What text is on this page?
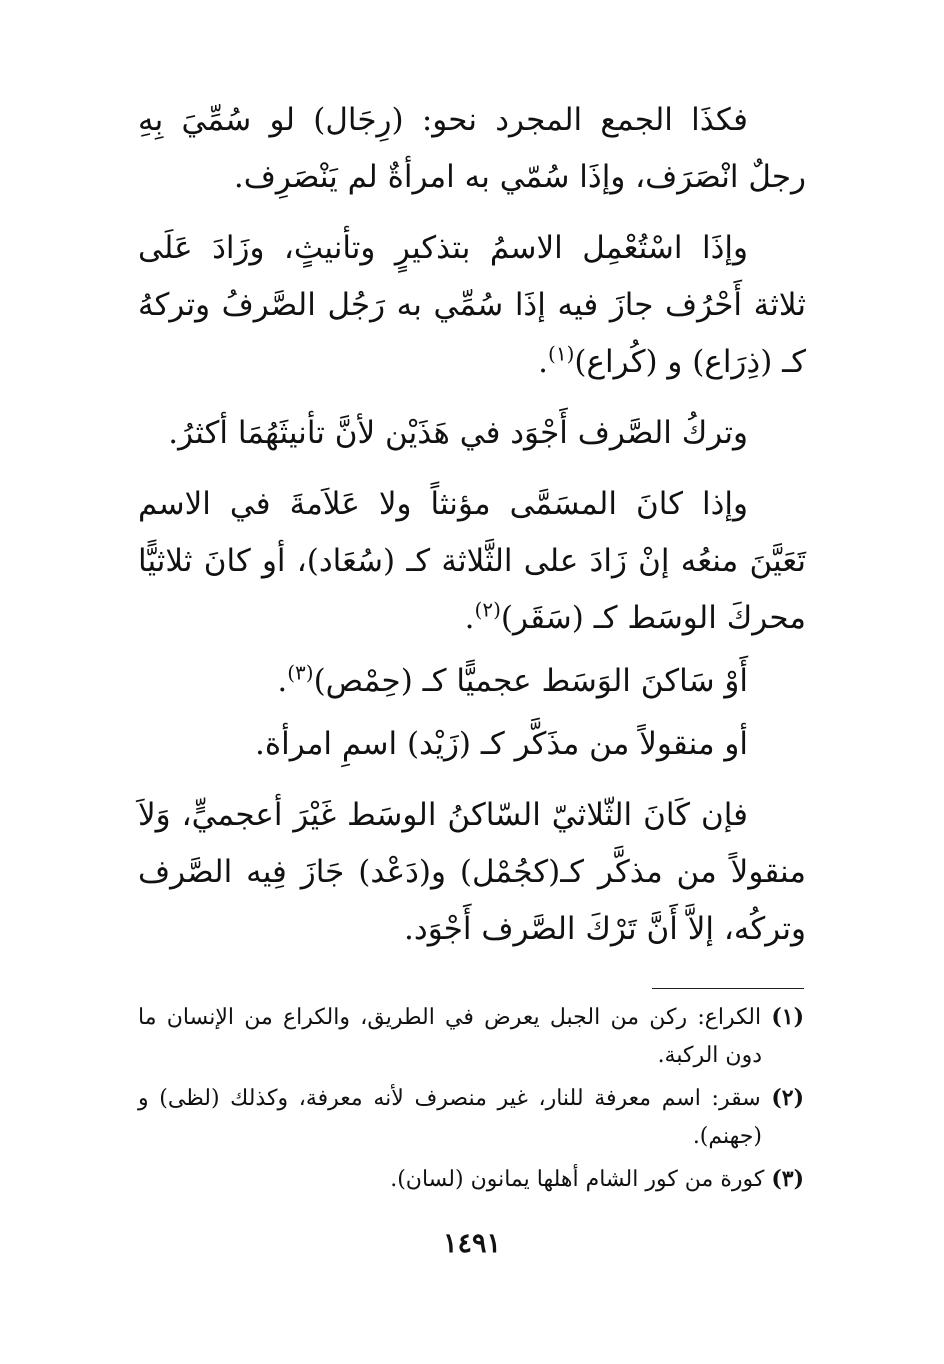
فكذَا الجمع المجرد نحو: (رِجَال) لو سُمِّيَ بِهِ رجلٌ انْصَرَف، وإذَا سُمّي به امرأةٌ لم يَنْصَرِف.

وإذَا اسْتُعْمِل الاسمُ بتذكيرٍ وتأنيثٍ، وزَادَ عَلَى ثلاثة أَحْرُف جازَ فيه إذَا سُمِّي به رَجُل الصَّرفُ وتركهُ كـ (ذِرَاع) و (كُراع)$^{(١)}$.

وتركُ الصَّرف أَجْوَد في هَذَيْن لأنَّ تأنيثَهُمَا أكثرُ.

وإذا كانَ المسَمَّى مؤنثاً ولا عَلاَمةَ في الاسم تَعَيَّنَ منعُه إنْ زَادَ على الثَّلاثة كـ (سُعَاد)، أو كانَ ثلاثيًّا محركَ الوسَط كـ (سَقَر)$^{(٢)}$.

أَوْ سَاكنَ الوَسَط عجميًّا كـ (حِمْص)$^{(٣)}$.

أو منقولاً من مذَكَّر كـ (زَيْد) اسمِ امرأة.

فإن كَانَ الثّلاثيّ السّاكنُ الوسَط غَيْرَ أعجميٍّ، وَلاَ منقولاً من مذكَّر كـ(كجُمْل) و(دَعْد) جَازَ فِيه الصَّرف وتركُه، إلاَّ أَنَّ تَرْكَ الصَّرف أَجْوَد.

(١) الكراع: ركن من الجبل يعرض في الطريق، والكراع من الإنسان ما دون الركبة.

(٢) سقر: اسم معرفة للنار، غير منصرف لأنه معرفة، وكذلك (لظى) و (جهنم).

(٣) كورة من كور الشام أهلها يمانون (لسان).

١٤٩١
